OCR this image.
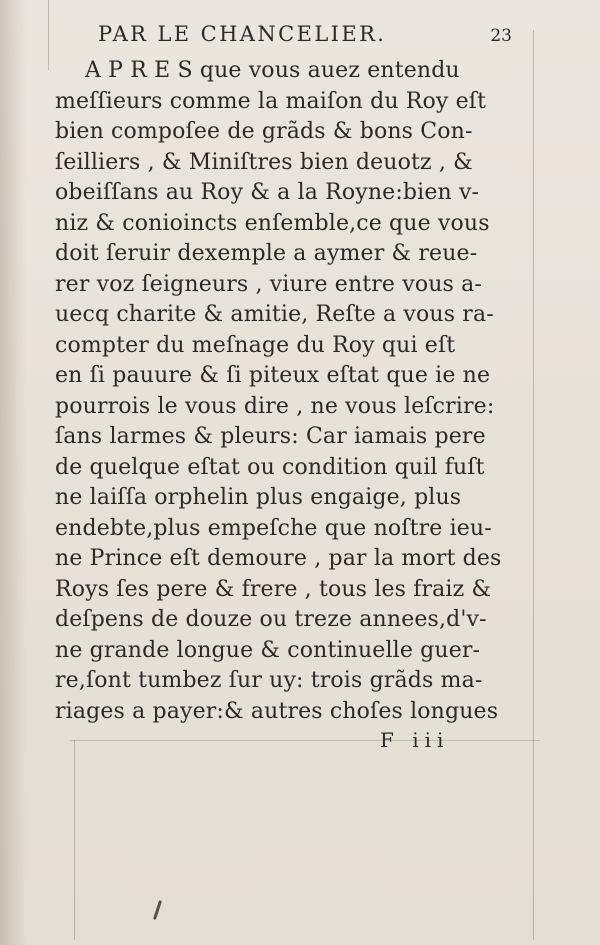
PAR LE CHANCELIER.	23
A P R E S que vous auez entendu
meſſieurs comme la maiſon du Roy eſt
bien compoſee de grãds & bons Con-
ſeilliers , & Miniſtres bien deuotz , &
obeiſſans au Roy & a la Royne:bien v-
niz & conioincts enſemble,ce que vous
doit ſeruir dexemple a aymer & reue-
rer voz ſeigneurs , viure entre vous a-
uecq charite & amitie, Reſte a vous ra-
compter du meſnage du Roy qui eſt
en ſi pauure & ſi piteux eſtat que ie ne
pourrois le vous dire , ne vous leſcrire:
ſans larmes & pleurs: Car iamais pere
de quelque eſtat ou condition quil fuſt
ne laiſſa orphelin plus engaige, plus
endebte,plus empeſche que noſtre ieu-
ne Prince eſt demoure , par la mort des
Roys ſes pere & frere , tous les fraiz &
deſpens de douze ou treze annees,d'v-
ne grande longue & continuelle guer-
re,ſont tumbez ſur uy: trois grãds ma-
riages a payer:& autres choſes longues
F iii
